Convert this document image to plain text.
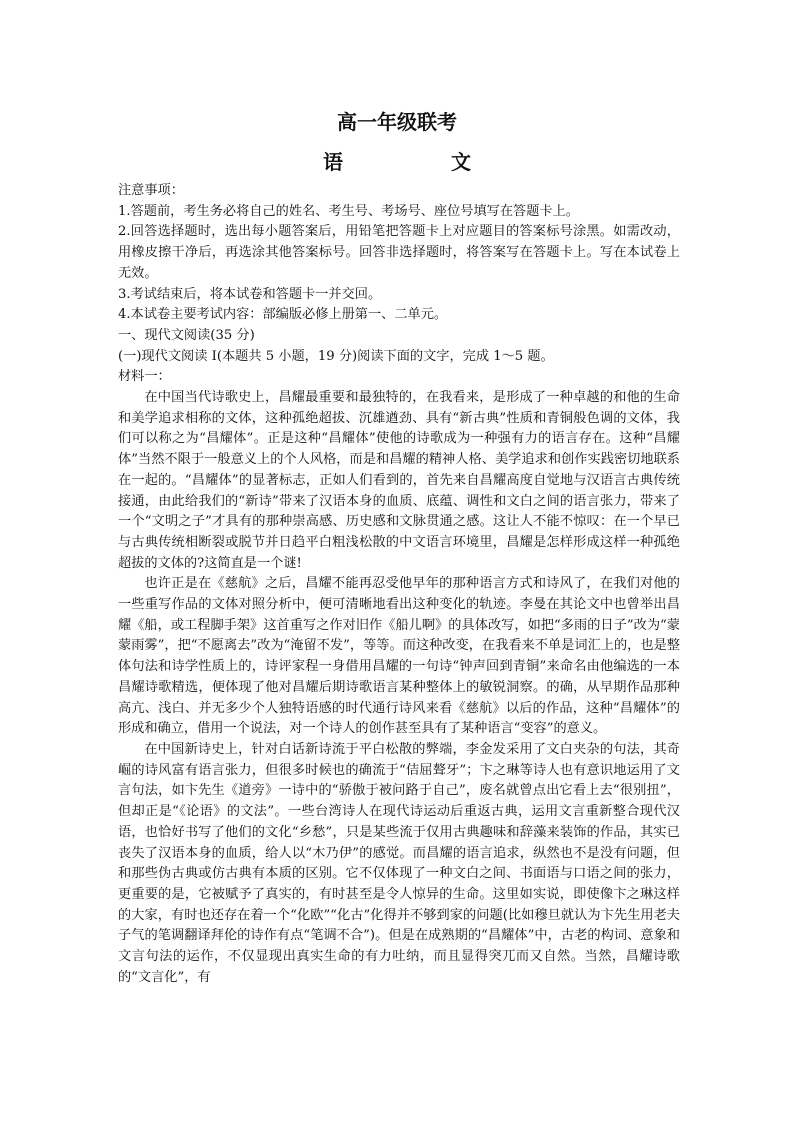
高一年级联考
语　文
注意事项：
1.答题前，考生务必将自己的姓名、考生号、考场号、座位号填写在答题卡上。
2.回答选择题时，选出每小题答案后，用铅笔把答题卡上对应题目的答案标号涂黑。如需改动，用橡皮擦干净后，再选涂其他答案标号。回答非选择题时，将答案写在答题卡上。写在本试卷上无效。
3.考试结束后，将本试卷和答题卡一并交回。
4.本试卷主要考试内容：部编版必修上册第一、二单元。
一、现代文阅读(35 分)
(一)现代文阅读 I(本题共 5 小题，19 分)阅读下面的文字，完成 1～5 题。
材料一：
在中国当代诗歌史上，昌耀最重要和最独特的，在我看来，是形成了一种卓越的和他的生命和美学追求相称的文体，这种孤绝超拔、沉雄遒劲、具有“新古典”性质和青铜般色调的文体，我们可以称之为“昌耀体”。正是这种“昌耀体”使他的诗歌成为一种强有力的语言存在。这种“昌耀体”当然不限于一般意义上的个人风格，而是和昌耀的精神人格、美学追求和创作实践密切地联系在一起的。“昌耀体”的显著标志，正如人们看到的，首先来自昌耀高度自觉地与汉语言古典传统接通，由此给我们的“新诗”带来了汉语本身的血质、底蕴、调性和文白之间的语言张力，带来了一个“文明之子”才具有的那种崇高感、历史感和文脉贯通之感。这让人不能不惊叹：在一个早已与古典传统相断裂或脱节并日趋平白粗浅松散的中文语言环境里，昌耀是怎样形成这样一种孤绝超拔的文体的?这简直是一个谜!
也许正是在《慈航》之后，昌耀不能再忍受他早年的那种语言方式和诗风了，在我们对他的一些重写作品的文体对照分析中，便可清晰地看出这种变化的轨迹。李曼在其论文中也曾举出昌耀《船，或工程脚手架》这首重写之作对旧作《船儿啊》的具体改写，如把“多雨的日子”改为“蒙蒙雨雾”，把“不愿离去”改为“淹留不发”，等等。而这种改变，在我看来不单是词汇上的，也是整体句法和诗学性质上的，诗评家程一身借用昌耀的一句诗“钟声回到青铜”来命名由他编选的一本昌耀诗歌精选，便体现了他对昌耀后期诗歌语言某种整体上的敏锐洞察。的确，从早期作品那种高亢、浅白、并无多少个人独特语感的时代通行诗风来看《慈航》以后的作品，这种“昌耀体”的形成和确立，借用一个说法，对一个诗人的创作甚至具有了某种语言“变容”的意义。
在中国新诗史上，针对白话新诗流于平白松散的弊端，李金发采用了文白夹杂的句法，其奇崛的诗风富有语言张力，但很多时候也的确流于“佶屈聱牙”；卞之琳等诗人也有意识地运用了文言句法，如卞先生《道旁》一诗中的“骄傲于被问路于自己”，废名就曾点出它看上去“很别扭”，但却正是“《论语》的文法”。一些台湾诗人在现代诗运动后重返古典，运用文言重新整合现代汉语，也恰好书写了他们的文化“乡愁”，只是某些流于仅用古典趣味和辞藻来装饰的作品，其实已丧失了汉语本身的血质，给人以“木乃伊”的感觉。而昌耀的语言追求，纵然也不是没有问题，但和那些伪古典或仿古典有本质的区别。它不仅体现了一种文白之间、书面语与口语之间的张力，更重要的是，它被赋予了真实的，有时甚至是令人惊异的生命。这里如实说，即使像卞之琳这样的大家，有时也还存在着一个“化欧”“化古”化得并不够到家的问题(比如穆旦就认为卞先生用老夫子气的笔调翻译拜伦的诗作有点“笔调不合”)。但是在成熟期的“昌耀体”中，古老的构词、意象和文言句法的运作，不仅显现出真实生命的有力吐纳，而且显得突兀而又自然。当然，昌耀诗歌的“文言化”，有
